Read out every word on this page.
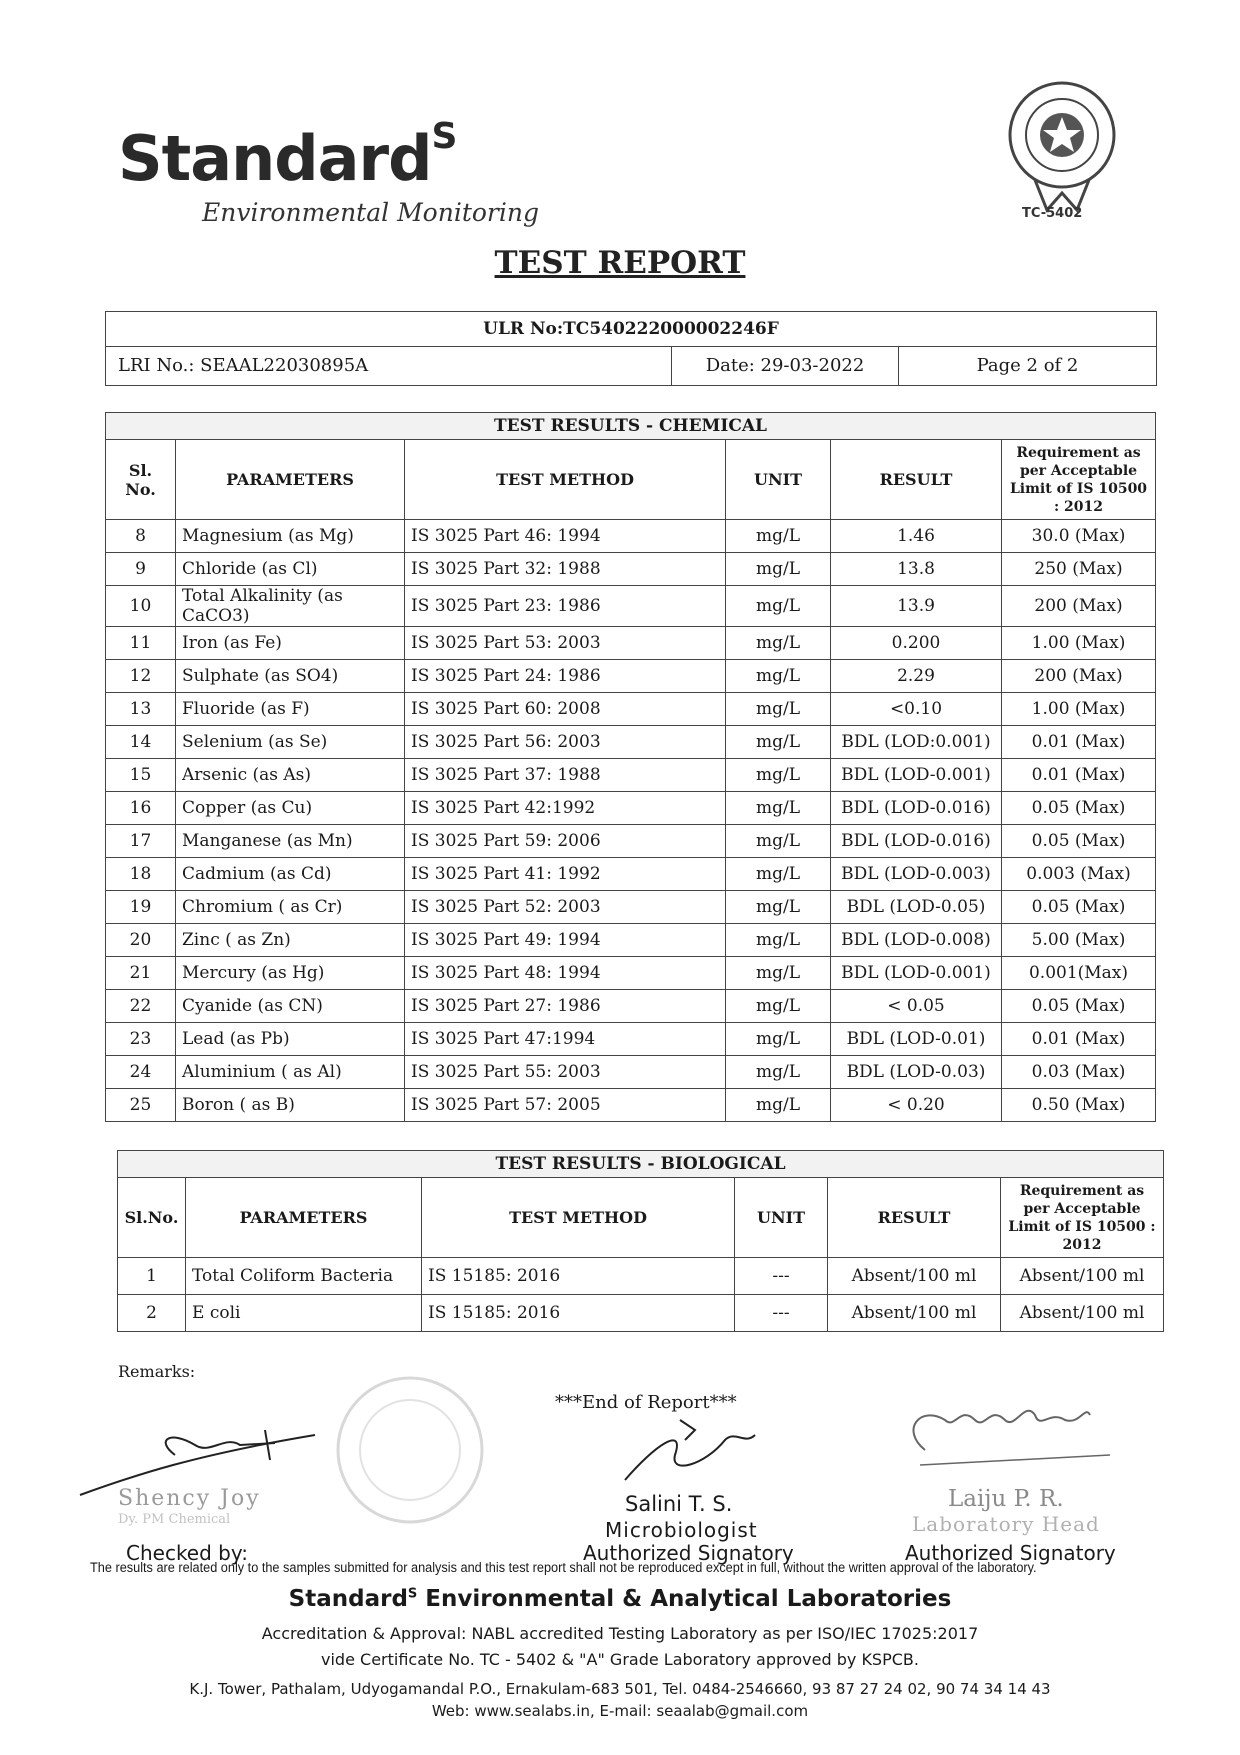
Standard$^S$
Environmental Monitoring	TC-5402
TEST REPORT
ULR No:TC540222000002246F
LRI No.: SEAAL22030895A	Date: 29-03-2022	Page 2 of 2
TEST RESULTS - CHEMICAL					
Sl. No.	PARAMETERS	TEST METHOD	UNIT	RESULT	Requirement as per Acceptable Limit of IS 10500 : 2012
8	Magnesium (as Mg)	IS 3025 Part 46: 1994	mg/L	1.46	30.0 (Max)
9	Chloride (as Cl)	IS 3025 Part 32: 1988	mg/L	13.8	250 (Max)
10	Total Alkalinity (as CaCO3)	IS 3025 Part 23: 1986	mg/L	13.9	200 (Max)
11	Iron (as Fe)	IS 3025 Part 53: 2003	mg/L	0.200	1.00 (Max)
12	Sulphate (as SO4)	IS 3025 Part 24: 1986	mg/L	2.29	200 (Max)
13	Fluoride (as F)	IS 3025 Part 60: 2008	mg/L	<0.10	1.00 (Max)
14	Selenium (as Se)	IS 3025 Part 56: 2003	mg/L	BDL (LOD:0.001)	0.01 (Max)
15	Arsenic (as As)	IS 3025 Part 37: 1988	mg/L	BDL (LOD-0.001)	0.01 (Max)
16	Copper (as Cu)	IS 3025 Part 42:1992	mg/L	BDL (LOD-0.016)	0.05 (Max)
17	Manganese (as Mn)	IS 3025 Part 59: 2006	mg/L	BDL (LOD-0.016)	0.05 (Max)
18	Cadmium (as Cd)	IS 3025 Part 41: 1992	mg/L	BDL (LOD-0.003)	0.003 (Max)
19	Chromium ( as Cr)	IS 3025 Part 52: 2003	mg/L	BDL (LOD-0.05)	0.05 (Max)
20	Zinc ( as Zn)	IS 3025 Part 49: 1994	mg/L	BDL (LOD-0.008)	5.00 (Max)
21	Mercury (as Hg)	IS 3025 Part 48: 1994	mg/L	BDL (LOD-0.001)	0.001(Max)
22	Cyanide (as CN)	IS 3025 Part 27: 1986	mg/L	< 0.05	0.05 (Max)
23	Lead (as Pb)	IS 3025 Part 47:1994	mg/L	BDL (LOD-0.01)	0.01 (Max)
24	Aluminium ( as Al)	IS 3025 Part 55: 2003	mg/L	BDL (LOD-0.03)	0.03 (Max)
25	Boron ( as B)	IS 3025 Part 57: 2005	mg/L	< 0.20	0.50 (Max)
TEST RESULTS - BIOLOGICAL					
Sl.No.	PARAMETERS	TEST METHOD	UNIT	RESULT	Requirement as per Acceptable Limit of IS 10500 : 2012
1	Total Coliform Bacteria	IS 15185: 2016	---	Absent/100 ml	Absent/100 ml
2	E coli	IS 15185: 2016	---	Absent/100 ml	Absent/100 ml
Remarks:
***End of Report***
Shency Joy
Dy. PM Chemical
Salini T. S.
Microbiologist
Laiju P. R.
Laboratory Head
Checked by:	Authorized Signatory	Authorized Signatory
The results are related only to the samples submitted for analysis and this test report shall not be reproduced except in full, without the written approval of the laboratory.
Standard$^S$ Environmental & Analytical Laboratories
Accreditation & Approval: NABL accredited Testing Laboratory as per ISO/IEC 17025:2017
vide Certificate No. TC - 5402 & "A" Grade Laboratory approved by KSPCB.
K.J. Tower, Pathalam, Udyogamandal P.O., Ernakulam-683 501, Tel. 0484-2546660, 93 87 27 24 02, 90 74 34 14 43
Web: www.sealabs.in, E-mail: seaalab@gmail.com
